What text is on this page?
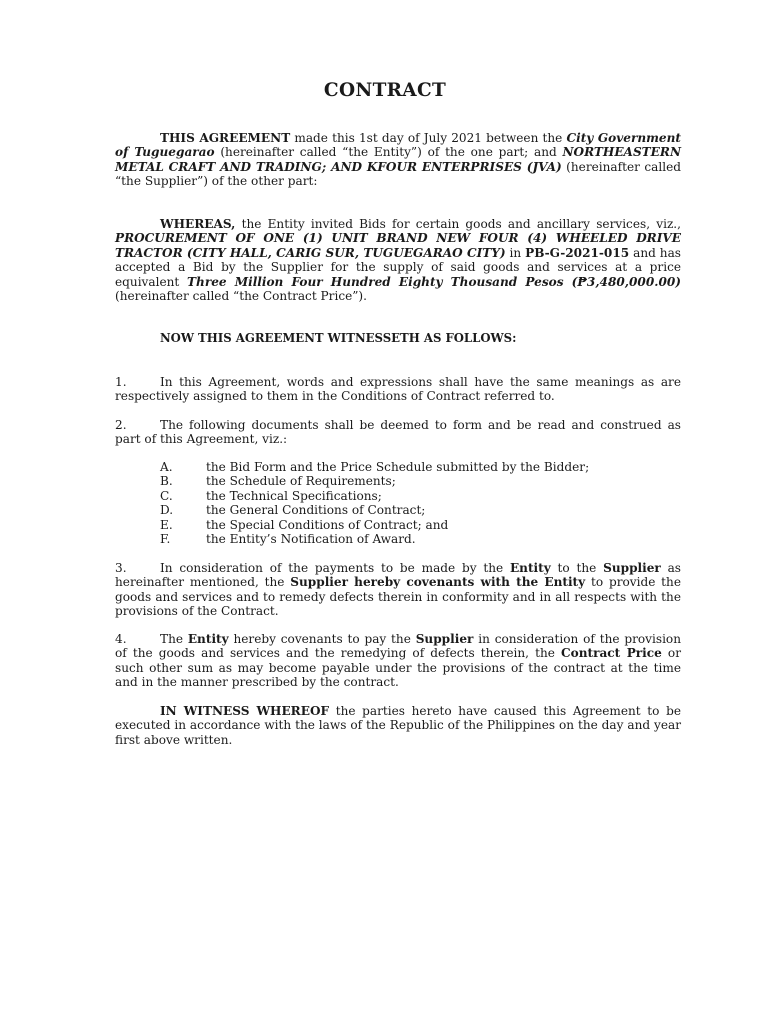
CONTRACT

THIS AGREEMENT made this 1st day of July 2021 between the City Government of Tuguegarao (hereinafter called “the Entity”) of the one part; and NORTHEASTERN METAL CRAFT AND TRADING; AND KFOUR ENTERPRISES (JVA) (hereinafter called “the Supplier”) of the other part:

WHEREAS, the Entity invited Bids for certain goods and ancillary services, viz., PROCUREMENT OF ONE (1) UNIT BRAND NEW FOUR (4) WHEELED DRIVE TRACTOR (CITY HALL, CARIG SUR, TUGUEGARAO CITY) in PB-G-2021-015 and has accepted a Bid by the Supplier for the supply of said goods and services at a price equivalent Three Million Four Hundred Eighty Thousand Pesos (₱3,480,000.00) (hereinafter called “the Contract Price”).

NOW THIS AGREEMENT WITNESSETH AS FOLLOWS:

1.	In this Agreement, words and expressions shall have the same meanings as are respectively assigned to them in the Conditions of Contract referred to.

2.	The following documents shall be deemed to form and be read and construed as part of this Agreement, viz.:

A.	the Bid Form and the Price Schedule submitted by the Bidder;
B.	the Schedule of Requirements;
C.	the Technical Specifications;
D.	the General Conditions of Contract;
E.	the Special Conditions of Contract; and
F.	the Entity’s Notification of Award.

3.	In consideration of the payments to be made by the Entity to the Supplier as hereinafter mentioned, the Supplier hereby covenants with the Entity to provide the goods and services and to remedy defects therein in conformity and in all respects with the provisions of the Contract.

4.	The Entity hereby covenants to pay the Supplier in consideration of the provision of the goods and services and the remedying of defects therein, the Contract Price or such other sum as may become payable under the provisions of the contract at the time and in the manner prescribed by the contract.

IN WITNESS WHEREOF the parties hereto have caused this Agreement to be executed in accordance with the laws of the Republic of the Philippines on the day and year first above written.
